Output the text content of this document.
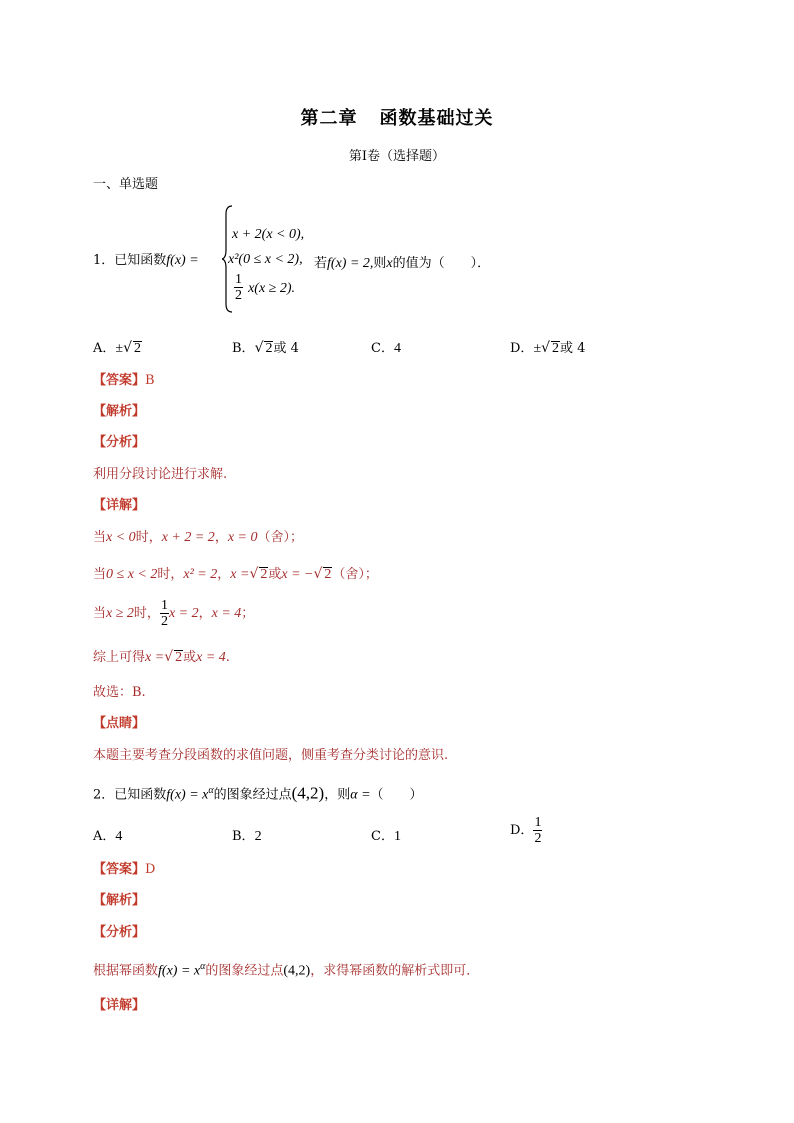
第二章 函数基础过关
第I卷（选择题）
一、单选题
1．已知函数f(x) =
x + 2(x < 0),
x²(0 ≤ x < 2), 若f(x) = 2,则x的值为（　　）．
$\frac{1}{2} x(x \ge 2)$.
A．±√ 2	B．√ 2或 4	C．4	D．±√ 2或 4
【答案】B
【解析】
【分析】
利用分段讨论进行求解.
【详解】
当x < 0时，x + 2 = 2，x = 0（舍）；
当0 ≤ x < 2时，x² = 2，x =√ 2或x = −√ 2（舍）；
当x ≥ 2时， $\frac{1}{2}$ x = 2，x = 4；
综上可得x =√ 2或x = 4.
故选：B.
【点睛】
本题主要考查分段函数的求值问题，侧重考查分类讨论的意识.
2．已知函数$f(x) = x^\alpha$的图象经过点(4,2)，则α =（　　）
A．4	B．2	C．1	D． $\frac{1}{2}$
【答案】D
【解析】
【分析】
根据幂函数$f(x) = x^\alpha$的图象经过点(4,2)，求得幂函数的解析式即可．
【详解】
